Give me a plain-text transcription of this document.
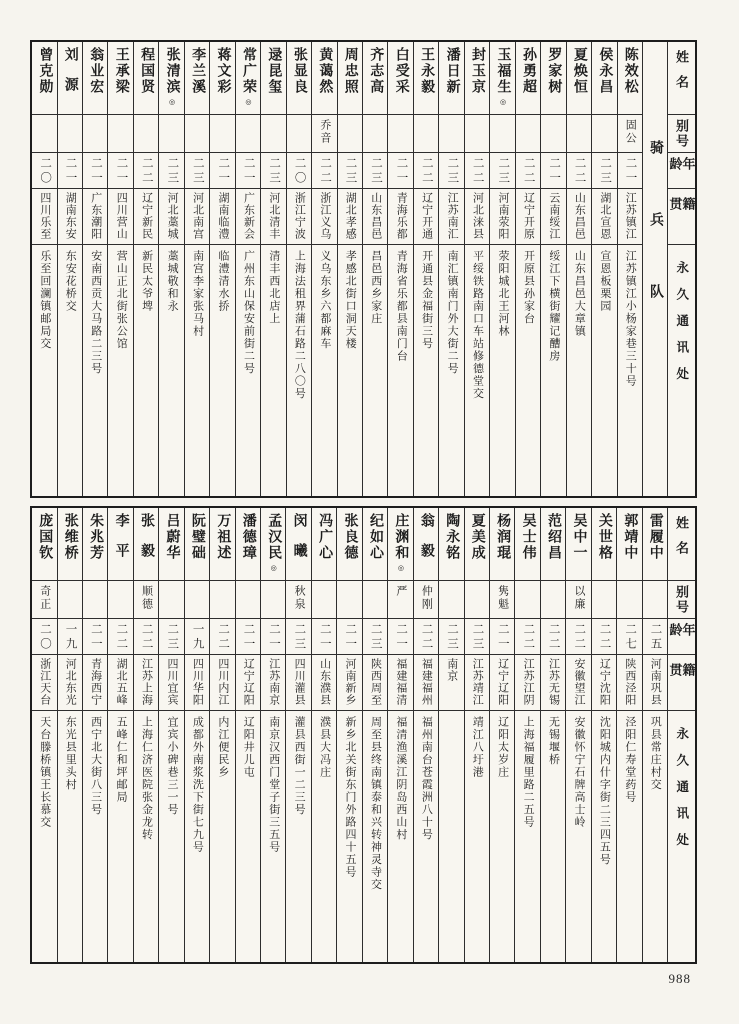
姓名
别号
年龄
籍贯
永久通讯处
骑兵队
陈效松
固公
二一
江苏镇江
江苏镇江小杨家巷三十号
侯永昌
二三
湖北宣恩
宣恩板栗园
夏焕恒
二二
山东昌邑
山东昌邑大章镇
罗家树
二一
云南绥江
绥江下横街耀记醩房
孙勇超
二二
辽宁开原
开原县孙家台
玉福生◎
二三
河南荥阳
荥阳城北王河林
封玉京
二二
河北涞县
平绥铁路南口车站修德堂交
潘日新
二三
江苏南汇
南汇镇南门外大街二号
王永毅
二二
辽宁开通
开通县金福街三号
白受采
二一
青海乐都
青海省乐都县南门台
齐志高
二三
山东昌邑
昌邑西乡家庄
周忠照
二三
湖北孝感
孝感北街口洞天楼
黄蔼然
乔音
二二
浙江义乌
义乌东乡六都麻车
张显良
二〇
浙江宁波
上海法租界蒲石路二八〇号
逯昆玺
二三
河北清丰
清丰西北店上
常广荣◎
二一
广东新会
广州东山保安前街二号
蒋文彩
二一
湖南临澧
临澧清水挢
李兰溪
二三
河北南宫
南宫李家张马村
张清滨◎
二三
河北藁城
藁城敬和永
程国贤
二二
辽宁新民
新民太爷埤
王承梁
二一
四川营山
营山正北街张公馆
翁业宏
二一
广东潮阳
安南西贡大马路二三号
刘源
二一
湖南东安
东安花桥交
曾克勋
二〇
四川乐至
乐至回澜镇邮局交
姓名
别号
年龄
籍贯
永久通讯处
雷履中
二五
河南巩县
巩县常庄村交
郭靖中
二七
陕西泾阳
泾阳仁寿堂药号
关世格
二二
辽宁沈阳
沈阳城内什字街二三四五号
吴中一
以廉
二二
安徽望江
安徽怀宁石牌高士岭
范绍昌
二二
江苏无锡
无锡堰桥
吴士伟
二二
江苏江阴
上海福履里路二五号
杨润琨
隽魁
二一
辽宁辽阳
辽阳太岁庄
夏美成
二三
江苏靖江
靖江八圩港
陶永铭
二三
南京
翁毅
仲刚
二二
福建福州
福州南台苍霞洲八十号
庄渊和◎
严
二一
福建福清
福清渔溪江阴岛西山村
纪如心
二三
陕西周至
周至县终南镇泰和兴转神灵寺交
张良德
二一
河南新乡
新乡北关街东门外路四十五号
冯广心
二一
山东濮县
濮县大冯庄
闵曦
秋泉
二三
四川灌县
灌县西街一二三号
孟汉民◎
二一
江苏南京
南京汉西门堂子街三五号
潘德璋
二一
辽宁辽阳
辽阳井儿屯
万祖述
二二
四川内江
内江便民乡
阮璧础
一九
四川华阳
成都外南浆洗下街七九号
吕蔚华
二三
四川宜宾
宜宾小碑巷三一号
张毅
顺德
二二
江苏上海
上海仁济医院张金龙转
李平
二二
湖北五峰
五峰仁和坪邮局
朱兆芳
二一
青海西宁
西宁北大街八三号
张维桥
一九
河北东光
东光县里头村
庞国钦
奇正
二〇
浙江天台
天台滕桥镇王长慕交
988
